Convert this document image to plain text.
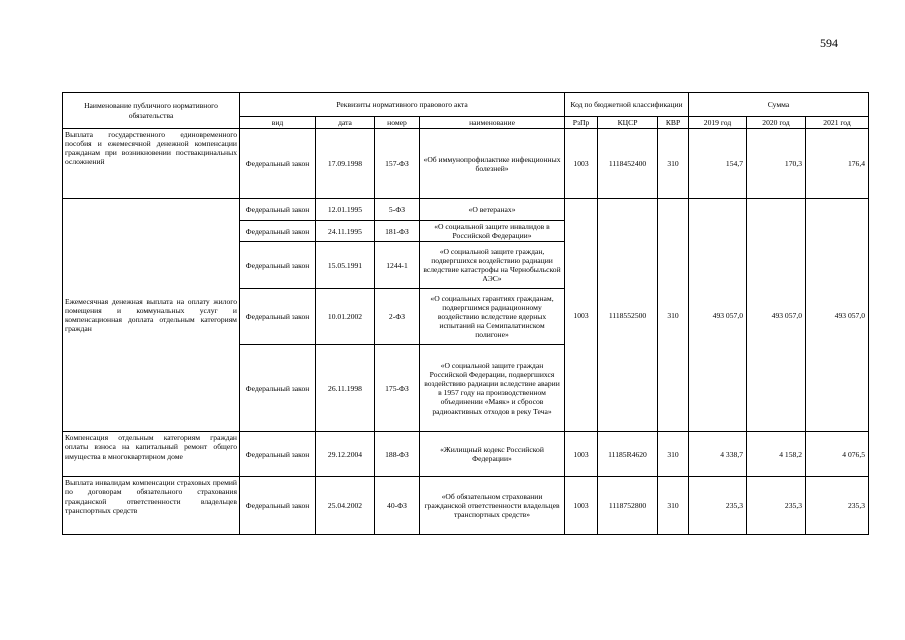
594
Наименование публичного нормативного обязательства	Реквизиты нормативного правового акта				Код по бюджетной классификации			Сумма		
	вид	дата	номер	наименование	РзПр	КЦСР	КВР	2019 год	2020 год	2021 год
Выплата государственного единовременного пособия и ежемесячной денежной компенсации гражданам при возникновении поствакцинальных осложнений	Федеральный закон	17.09.1998	157-ФЗ	«Об иммунопрофилактике инфекционных болезней»	1003	1118452400	310	154,7	170,3	176,4
Ежемесячная денежная выплата на оплату жилого помещения и коммунальных услуг и компенсационная доплата отдельным категориям граждан	Федеральный закон	12.01.1995	5-ФЗ	«О ветеранах»	1003	1118552500	310	493 057,0	493 057,0	493 057,0
	Федеральный закон	24.11.1995	181-ФЗ	«О социальной защите инвалидов в Российской Федерации»						
	Федеральный закон	15.05.1991	1244-1	«О социальной защите граждан, подвергшихся воздействию радиации вследствие катастрофы на Чернобыльской АЭС»						
	Федеральный закон	10.01.2002	2-ФЗ	«О социальных гарантиях гражданам, подвергшимся радиационному воздействию вследствие ядерных испытаний на Семипалатинском полигоне»						
	Федеральный закон	26.11.1998	175-ФЗ	«О социальной защите граждан Российской Федерации, подвергшихся воздействию радиации вследствие аварии в 1957 году на производственном объединении «Маяк» и сбросов радиоактивных отходов в реку Теча»						
Компенсация отдельным категориям граждан оплаты взноса на капитальный ремонт общего имущества в многоквартирном доме	Федеральный закон	29.12.2004	188-ФЗ	«Жилищный кодекс Российской Федерации»	1003	11185R4620	310	4 338,7	4 158,2	4 076,5
Выплата инвалидам компенсации страховых премий по договорам обязательного страхования гражданской ответственности владельцев транспортных средств	Федеральный закон	25.04.2002	40-ФЗ	«Об обязательном страховании гражданской ответственности владельцев транспортных средств»	1003	1118752800	310	235,3	235,3	235,3
